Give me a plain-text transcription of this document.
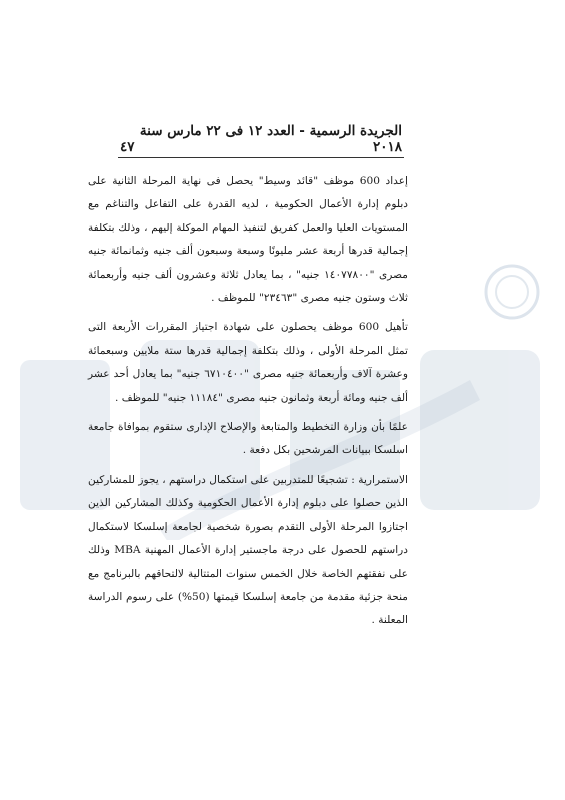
الجريدة الرسمية - العدد ١٢ فى ٢٢ مارس سنة ٢٠١٨
٤٧

إعداد 600 موظف "قائد وسيط" يحصل فى نهاية المرحلة الثانية على دبلوم إدارة الأعمال الحكومية ، لديه القدرة على التفاعل والتناغم مع المستويات العليا والعمل كفريق لتنفيذ المهام الموكلة إليهم ، وذلك بتكلفة إجمالية قدرها أربعة عشر مليونًا وسبعة وسبعون ألف جنيه وثمانمائة جنيه مصرى "١٤٠٧٧٨٠٠ جنيه" ، بما يعادل ثلاثة وعشرون ألف جنيه وأربعمائة ثلاث وستون جنيه مصرى "٢٣٤٦٣" للموظف .

تأهيل 600 موظف يحصلون على شهادة اجتياز المقررات الأربعة التى تمثل المرحلة الأولى ، وذلك بتكلفة إجمالية قدرها ستة ملايين وسبعمائة وعشرة آلاف وأربعمائة جنيه مصرى "٦٧١٠٤٠٠ جنيه" بما يعادل أحد عشر ألف جنيه ومائة أربعة وثمانون جنيه مصرى "١١١٨٤ جنيه" للموظف .

علمًا بأن وزارة التخطيط والمتابعة والإصلاح الإدارى ستقوم بموافاة جامعة اسلسكا ببيانات المرشحين بكل دفعة .

الاستمرارية : تشجيعًا للمتدربين على استكمال دراستهم ، يجوز للمشاركين الذين حصلوا على دبلوم إدارة الأعمال الحكومية وكذلك المشاركين الذين اجتازوا المرحلة الأولى التقدم بصورة شخصية لجامعة إسلسكا لاستكمال دراستهم للحصول على درجة ماجستير إدارة الأعمال المهنية MBA وذلك على نفقتهم الخاصة خلال الخمس سنوات المتتالية لالتحاقهم بالبرنامج مع منحة جزئية مقدمة من جامعة إسلسكا قيمتها (50%) على رسوم الدراسة المعلنة .
